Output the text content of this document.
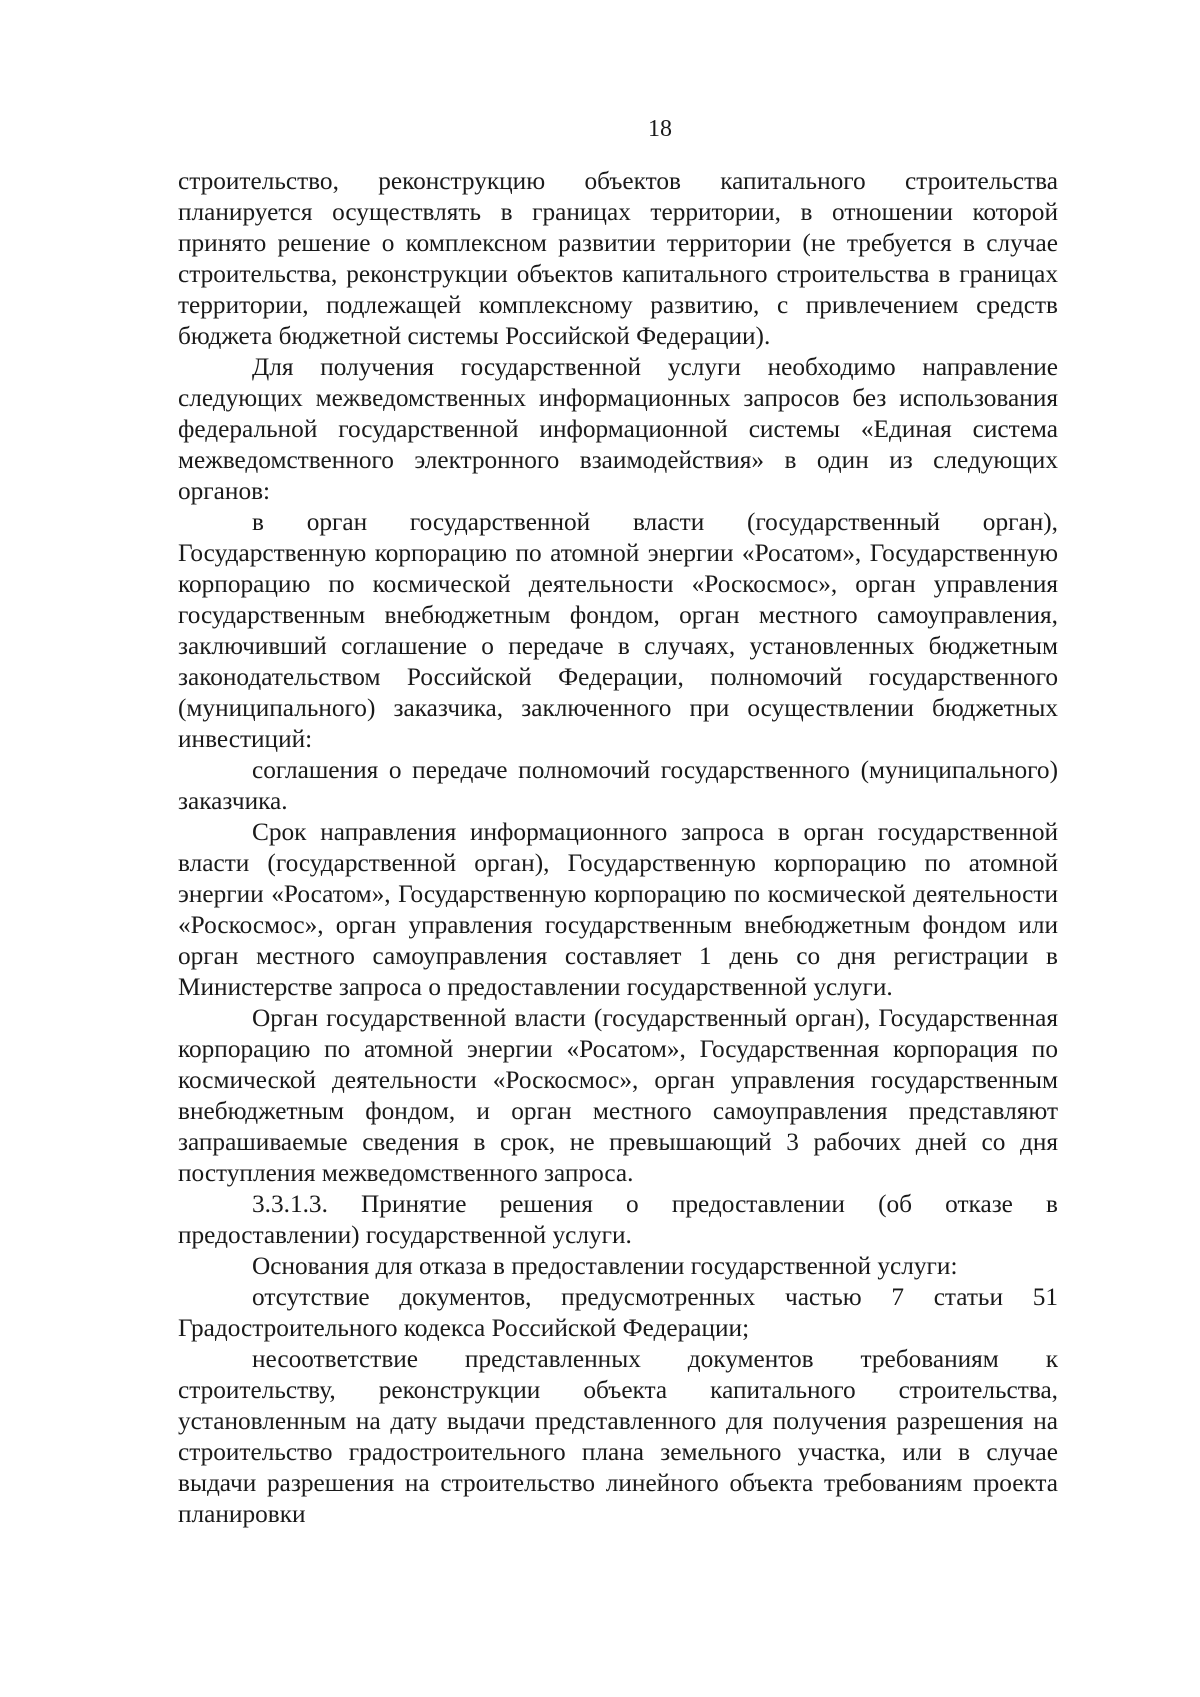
18

строительство, реконструкцию объектов капитального строительства планируется осуществлять в границах территории, в отношении которой принято решение о комплексном развитии территории (не требуется в случае строительства, реконструкции объектов капитального строительства в границах территории, подлежащей комплексному развитию, с привлечением средств бюджета бюджетной системы Российской Федерации).

Для получения государственной услуги необходимо направление следующих межведомственных информационных запросов без использования федеральной государственной информационной системы «Единая система межведомственного электронного взаимодействия» в один из следующих органов:

в орган государственной власти (государственный орган), Государственную корпорацию по атомной энергии «Росатом», Государственную корпорацию по космической деятельности «Роскосмос», орган управления государственным внебюджетным фондом, орган местного самоуправления, заключивший соглашение о передаче в случаях, установленных бюджетным законодательством Российской Федерации, полномочий государственного (муниципального) заказчика, заключенного при осуществлении бюджетных инвестиций:

соглашения о передаче полномочий государственного (муниципального) заказчика.

Срок направления информационного запроса в орган государственной власти (государственной орган), Государственную корпорацию по атомной энергии «Росатом», Государственную корпорацию по космической деятельности «Роскосмос», орган управления государственным внебюджетным фондом или орган местного самоуправления составляет 1 день со дня регистрации в Министерстве запроса о предоставлении государственной услуги.

Орган государственной власти (государственный орган), Государственная корпорацию по атомной энергии «Росатом», Государственная корпорация по космической деятельности «Роскосмос», орган управления государственным внебюджетным фондом, и орган местного самоуправления представляют запрашиваемые сведения в срок, не превышающий 3 рабочих дней со дня поступления межведомственного запроса.

3.3.1.3. Принятие решения о предоставлении (об отказе в предоставлении) государственной услуги.

Основания для отказа в предоставлении государственной услуги:

отсутствие документов, предусмотренных частью 7 статьи 51 Градостроительного кодекса Российской Федерации;

несоответствие представленных документов требованиям к строительству, реконструкции объекта капитального строительства, установленным на дату выдачи представленного для получения разрешения на строительство градостроительного плана земельного участка, или в случае выдачи разрешения на строительство линейного объекта требованиям проекта планировки
